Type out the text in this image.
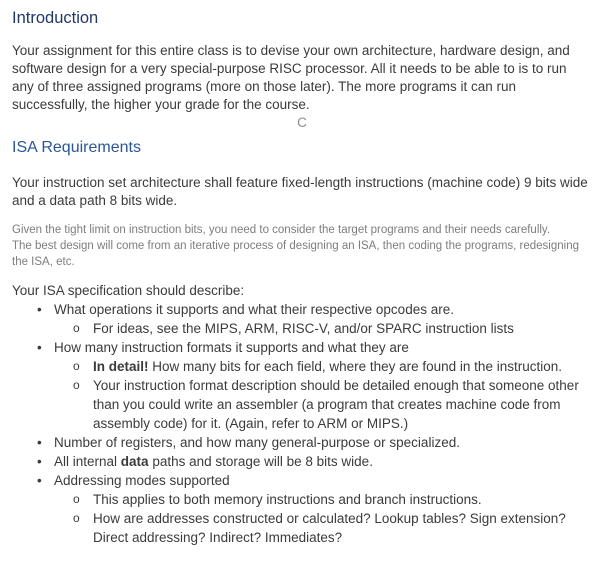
Introduction

Your assignment for this entire class is to devise your own architecture, hardware design, and software design for a very special-purpose RISC processor. All it needs to be able to is to run any of three assigned programs (more on those later). The more programs it can run successfully, the higher your grade for the course.

C
ISA Requirements

Your instruction set architecture shall feature fixed-length instructions (machine code) 9 bits wide and a data path 8 bits wide.

Given the tight limit on instruction bits, you need to consider the target programs and their needs carefully.
The best design will come from an iterative process of designing an ISA, then coding the programs, redesigning the ISA, etc.

Your ISA specification should describe:

• What operations it supports and what their respective opcodes are.
o For ideas, see the MIPS, ARM, RISC-V, and/or SPARC instruction lists
• How many instruction formats it supports and what they are
o In detail! How many bits for each field, where they are found in the instruction.
o Your instruction format description should be detailed enough that someone other than you could write an assembler (a program that creates machine code from assembly code) for it. (Again, refer to ARM or MIPS.)
• Number of registers, and how many general-purpose or specialized.
• All internal data paths and storage will be 8 bits wide.
• Addressing modes supported
o This applies to both memory instructions and branch instructions.
o How are addresses constructed or calculated? Lookup tables? Sign extension? Direct addressing? Indirect? Immediates?
